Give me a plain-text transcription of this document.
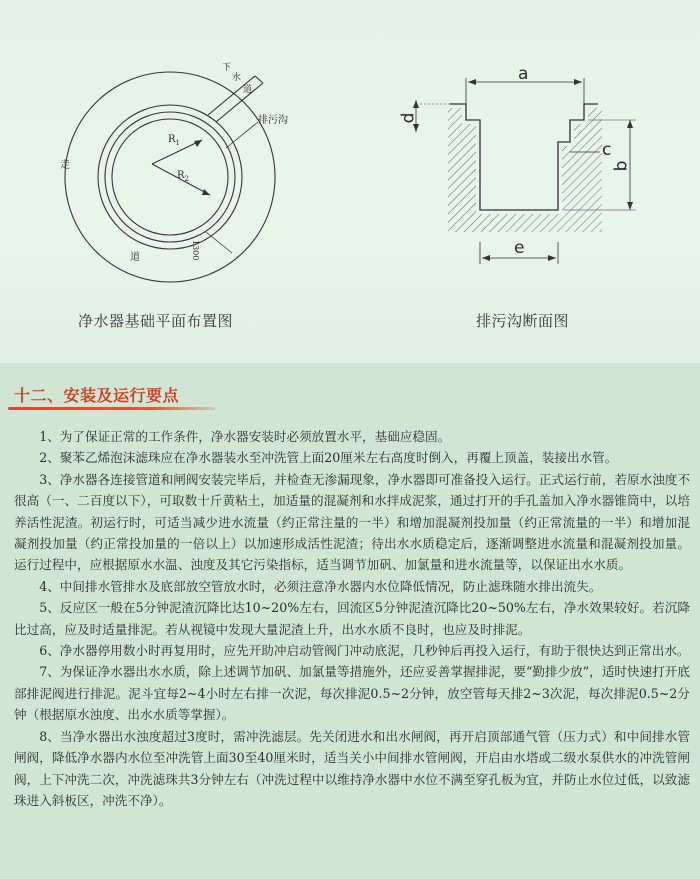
排污沟
下
水
道
走
道
$R_1$
$R_2$
1300
净水器基础平面布置图
a
d
c
b
e
排污沟断面图
十二、安装及运行要点

1、为了保证正常的工作条件，净水器安装时必须放置水平，基础应稳固。

2、聚苯乙烯泡沫滤珠应在净水器装水至冲洗管上面20厘米左右高度时倒入，再覆上顶盖，装接出水管。

3、净水器各连接管道和闸阀安装完毕后，并检查无渗漏现象，净水器即可准备投入运行。正式运行前，若原水浊度不很高（一、二百度以下），可取数十斤黄粘土，加适量的混凝剂和水拌成泥浆，通过打开的手孔盖加入净水器锥筒中，以培养活性泥渣。初运行时，可适当减少进水流量（约正常注量的一半）和增加混凝剂投加量（约正常流量的一半）和增加混凝剂投加量（约正常投加量的一倍以上）以加速形成活性泥渣；待出水水质稳定后，逐渐调整进水流量和混凝剂投加量。运行过程中，应根据原水水温、浊度及其它污染指标，适当调节加矾、加氯量和进水流量等，以保证出水水质。

4、中间排水管排水及底部放空管放水时，必须注意净水器内水位降低情况，防止滤珠随水排出流失。

5、反应区一般在5分钟泥渣沉降比达10~20%左右，回流区5分钟泥渣沉降比20~50%左右，净水效果较好。若沉降比过高，应及时适量排泥。若从视镜中发现大量泥渣上升，出水水质不良时，也应及时排泥。

6、净水器停用数小时再复用时，应先开助冲启动管阀门冲动底泥，几秒钟后再投入运行，有助于很快达到正常出水。

7、为保证净水器出水水质，除上述调节加矾、加氯量等措施外，还应妥善掌握排泥，要“勤排少放”，适时快速打开底部排泥阀进行排泥。泥斗宜每2~4小时左右排一次泥，每次排泥0.5~2分钟，放空管每天排2~3次泥，每次排泥0.5~2分钟（根据原水浊度、出水水质等掌握）。

8、当净水器出水浊度超过3度时，需冲洗滤层。先关闭进水和出水闸阀，再开启顶部通气管（压力式）和中间排水管闸阀，降低净水器内水位至冲洗管上面30至40厘米时，适当关小中间排水管闸阀，开启由水塔或二级水泵供水的冲洗管闸阀，上下冲洗二次，冲洗滤珠共3分钟左右（冲洗过程中以维持净水器中水位不满至穿孔板为宜，并防止水位过低，以致滤珠进入斜板区，冲洗不净）。
